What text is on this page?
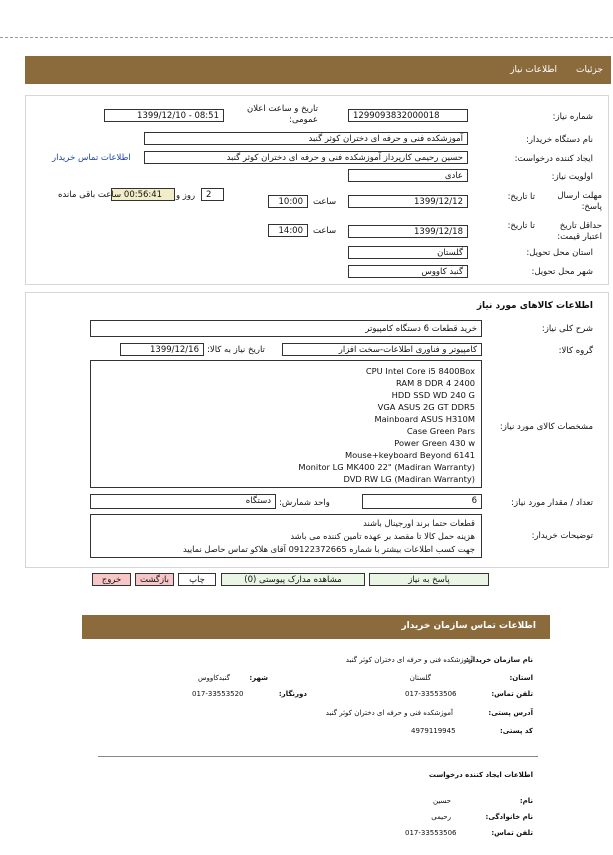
جزئیات
اطلاعات نیاز
شماره نیاز:
1299093832000018
تاریخ و ساعت اعلان عمومی:
1399/12/10 - 08:51
نام دستگاه خریدار:
آموزشکده فنی و حرفه ای دختران کوثر گنبد
ایجاد کننده درخواست:
حسین رحیمی کارپرداز آموزشکده فنی و حرفه ای دختران کوثر گنبد
اطلاعات تماس خریدار
اولویت نیاز:
عادی
مهلت ارسال پاسخ:
تا تاریخ:
1399/12/12
ساعت
10:00
2
روز و
00:56:41
ساعت باقی مانده
حداقل تاریخ اعتبار قیمت:
تا تاریخ:
1399/12/18
ساعت
14:00
استان محل تحویل:
گلستان
شهر محل تحویل:
گنبد کاووس
اطلاعات کالاهای مورد نیاز
شرح کلی نیاز:
خرید قطعات 6 دستگاه کامپیوتر
گروه کالا:
کامپیوتر و فناوری اطلاعات-سخت افزار
تاریخ نیاز به کالا:
1399/12/16
مشخصات کالای مورد نیاز:
CPU Intel Core i5 8400Box
RAM 8 DDR 4 2400
HDD SSD WD 240 G
VGA ASUS 2G GT DDR5
Mainboard ASUS H310M
Case Green Pars
Power Green 430 w
Mouse+keyboard Beyond 6141
Monitor LG MK400 22" (Madiran Warranty)
DVD RW LG (Madiran Warranty)
تعداد / مقدار مورد نیاز:
6
واحد شمارش:
دستگاه
توضیحات خریدار:
قطعات حتما برند اورجینال باشند
هزینه حمل کالا تا مقصد بر عهده تامین کننده می باشد
جهت کسب اطلاعات بیشتر با شماره 09122372665 آقای هلاکو تماس حاصل نمایید
پاسخ به نیاز
مشاهده مدارک پیوستی (0)
چاپ
بازگشت
خروج
اطلاعات تماس سازمان خریدار
نام سازمان خریدار:
آموزشکده فنی و حرفه ای دختران کوثر گنبد
استان:
گلستان
شهر:
گنبدکاووس
تلفن تماس:
017-33553506
دورنگار:
017-33553520
آدرس پستی:
آموزشکده فنی و حرفه ای دختران کوثر گنبد
کد پستی:
4979119945
اطلاعات ایجاد کننده درخواست
نام:
حسین
نام خانوادگی:
رحیمی
تلفن تماس:
017-33553506
